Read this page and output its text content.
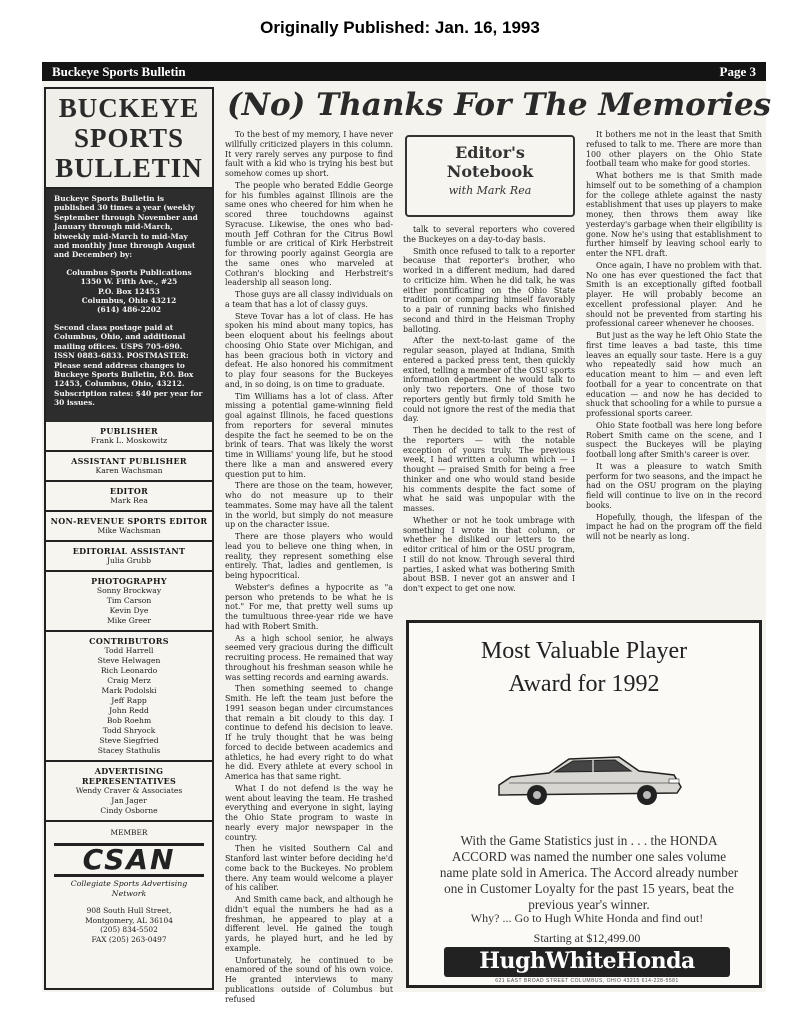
Originally Published: Jan. 16, 1993
Buckeye Sports Bulletin	Page 3
BUCKEYE
SPORTS
BULLETIN

Buckeye Sports Bulletin is published 30 times a year (weekly September through November and January through mid-March, biweekly mid-March to mid-May and monthly June through August and December) by:

Columbus Sports Publications
1350 W. Fifth Ave., #25
P.O. Box 12453
Columbus, Ohio 43212
(614) 486-2202

Second class postage paid at Columbus, Ohio, and additional mailing offices. USPS 705-690. ISSN 0883-6833. POSTMASTER: Please send address changes to Buckeye Sports Bulletin, P.O. Box 12453, Columbus, Ohio, 43212. Subscription rates: $40 per year for 30 issues.

PUBLISHER
Frank L. Moskowitz
ASSISTANT PUBLISHER
Karen Wachsman
EDITOR
Mark Rea
NON-REVENUE SPORTS EDITOR
Mike Wachsman
EDITORIAL ASSISTANT
Julia Grubb
PHOTOGRAPHY
Sonny Brockway
Tim Carson
Kevin Dye
Mike Greer
CONTRIBUTORS
Todd Harrell
Steve Helwagen
Rich Leonardo
Craig Merz
Mark Podolski
Jeff Rapp
John Redd
Bob Roehm
Todd Shryock
Steve Siegfried
Stacey Stathulis
ADVERTISING REPRESENTATIVES
Wendy Craver & Associates
Jan Jager
Cindy Osborne
MEMBER
CSAN
Collegiate Sports Advertising Network
908 South Hull Street,
Montgomery, AL 36104
(205) 834-5502
FAX (205) 263-0497
(No) Thanks For The Memories

To the best of my memory, I have never willfully criticized players in this column. It very rarely serves any purpose to find fault with a kid who is trying his best but somehow comes up short.

The people who berated Eddie George for his fumbles against Illinois are the same ones who cheered for him when he scored three touchdowns against Syracuse. Likewise, the ones who bad-mouth Jeff Cothran for the Citrus Bowl fumble or are critical of Kirk Herbstreit for throwing poorly against Georgia are the same ones who marveled at Cothran's blocking and Herbstreit's leadership all season long.

Those guys are all classy individuals on a team that has a lot of classy guys.

Steve Tovar has a lot of class. He has spoken his mind about many topics, has been eloquent about his feelings about choosing Ohio State over Michigan, and has been gracious both in victory and defeat. He also honored his commitment to play four seasons for the Buckeyes and, in so doing, is on time to graduate.

Tim Williams has a lot of class. After missing a potential game-winning field goal against Illinois, he faced questions from reporters for several minutes despite the fact he seemed to be on the brink of tears. That was likely the worst time in Williams' young life, but he stood there like a man and answered every question put to him.

There are those on the team, however, who do not measure up to their teammates. Some may have all the talent in the world, but simply do not measure up on the character issue.

There are those players who would lead you to believe one thing when, in reality, they represent something else entirely. That, ladies and gentlemen, is being hypocritical.

Webster's defines a hypocrite as "a person who pretends to be what he is not." For me, that pretty well sums up the tumultuous three-year ride we have had with Robert Smith.

As a high school senior, he always seemed very gracious during the difficult recruiting process. He remained that way throughout his freshman season while he was setting records and earning awards.

Then something seemed to change Smith. He left the team just before the 1991 season began under circumstances that remain a bit cloudy to this day. I continue to defend his decision to leave. If he truly thought that he was being forced to decide between academics and athletics, he had every right to do what he did. Every athlete at every school in America has that same right.

What I do not defend is the way he went about leaving the team. He trashed everything and everyone in sight, laying the Ohio State program to waste in nearly every major newspaper in the country.

Then he visited Southern Cal and Stanford last winter before deciding he'd come back to the Buckeyes. No problem there. Any team would welcome a player of his caliber.

And Smith came back, and although he didn't equal the numbers he had as a freshman, he appeared to play at a different level. He gained the tough yards, he played hurt, and he led by example.

Unfortunately, he continued to be enamored of the sound of his own voice. He granted interviews to many publications outside of Columbus but refused

Editor's
Notebook
with Mark Rea

talk to several reporters who covered the Buckeyes on a day-to-day basis.

Smith once refused to talk to a reporter because that reporter's brother, who worked in a different medium, had dared to criticize him. When he did talk, he was either pontificating on the Ohio State tradition or comparing himself favorably to a pair of running backs who finished second and third in the Heisman Trophy balloting.

After the next-to-last game of the regular season, played at Indiana, Smith entered a packed press tent, then quickly exited, telling a member of the OSU sports information department he would talk to only two reporters. One of those two reporters gently but firmly told Smith he could not ignore the rest of the media that day.

Then he decided to talk to the rest of the reporters — with the notable exception of yours truly. The previous week, I had written a column which — I thought — praised Smith for being a free thinker and one who would stand beside his comments despite the fact some of what he said was unpopular with the masses.

Whether or not he took umbrage with something I wrote in that column, or whether he disliked our letters to the editor critical of him or the OSU program, I still do not know. Through several third parties, I asked what was bothering Smith about BSB. I never got an answer and I don't expect to get one now.

It bothers me not in the least that Smith refused to talk to me. There are more than 100 other players on the Ohio State football team who make for good stories.

What bothers me is that Smith made himself out to be something of a champion for the college athlete against the nasty establishment that uses up players to make money, then throws them away like yesterday's garbage when their eligibility is gone. Now he's using that establishment to further himself by leaving school early to enter the NFL draft.

Once again, I have no problem with that. No one has ever questioned the fact that Smith is an exceptionally gifted football player. He will probably become an excellent professional player. And he should not be prevented from starting his professional career whenever he chooses.

But just as the way he left Ohio State the first time leaves a bad taste, this time leaves an equally sour taste. Here is a guy who repeatedly said how much an education meant to him — and even left football for a year to concentrate on that education — and now he has decided to shuck that schooling for a while to pursue a professional sports career.

Ohio State football was here long before Robert Smith came on the scene, and I suspect the Buckeyes will be playing football long after Smith's career is over.

It was a pleasure to watch Smith perform for two seasons, and the impact he had on the OSU program on the playing field will continue to live on in the record books.

Hopefully, though, the lifespan of the impact he had on the program off the field will not be nearly as long.

Most Valuable Player
Award for 1992
With the Game Statistics just in . . . the HONDA ACCORD was named the number one sales volume name plate sold in America. The Accord already number one in Customer Loyalty for the past 15 years, beat the previous year's winner.
Why? ... Go to Hugh White Honda and find out!
Starting at $12,499.00
HughWhiteHonda
621 EAST BROAD STREET COLUMBUS, OHIO 43215 614-228-5581
